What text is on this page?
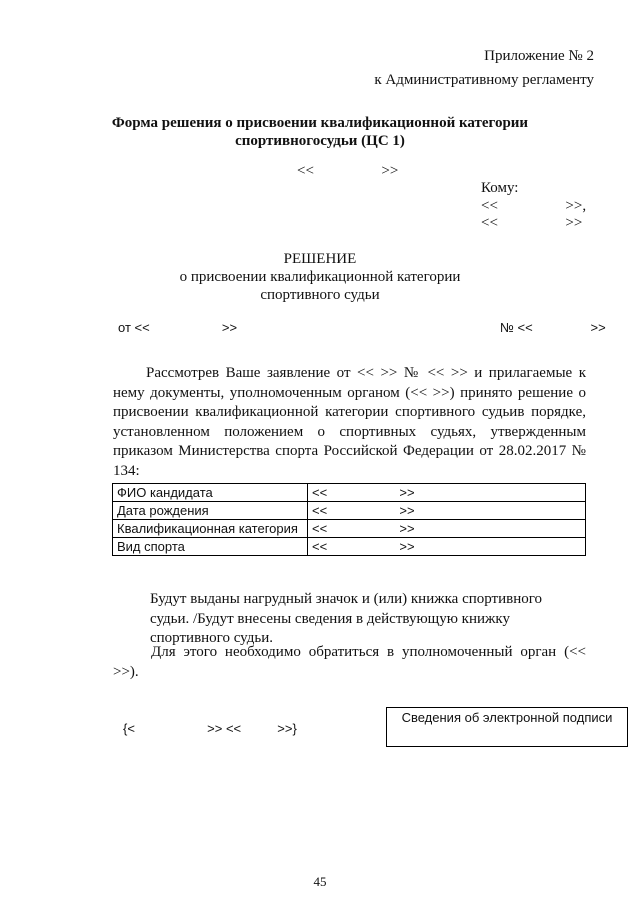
Приложение № 2
к Административному регламенту
Форма решения о присвоении квалификационной категории
спортивногосудьи (ЦС 1)
<<                  >>
Кому:
<<                  >>,
<<                  >>
РЕШЕНИЕ
о присвоении квалификационной категории
спортивного судьи
от <<                    >>	№ <<                >>

Рассмотрев Ваше заявление от << >> № << >> и прилагаемые к нему документы, уполномоченным органом (<< >>) принято решение о присвоении квалификационной категории спортивного судьив порядке, установленном положением о спортивных судьях, утвержденным приказом Министерства спорта Российской Федерации от 28.02.2017 № 134:

ФИО кандидата	<<                    >>
Дата рождения	<<                    >>
Квалификационная категория	<<                    >>
Вид спорта	<<                    >>

Будут выданы нагрудный значок и (или) книжка спортивного судьи. /Будут внесены сведения в действующую книжку спортивного судьи.

Для этого необходимо обратиться в уполномоченный орган (<< >>).

{<                    >> <<          >>}
Сведения об электронной подписи
45
